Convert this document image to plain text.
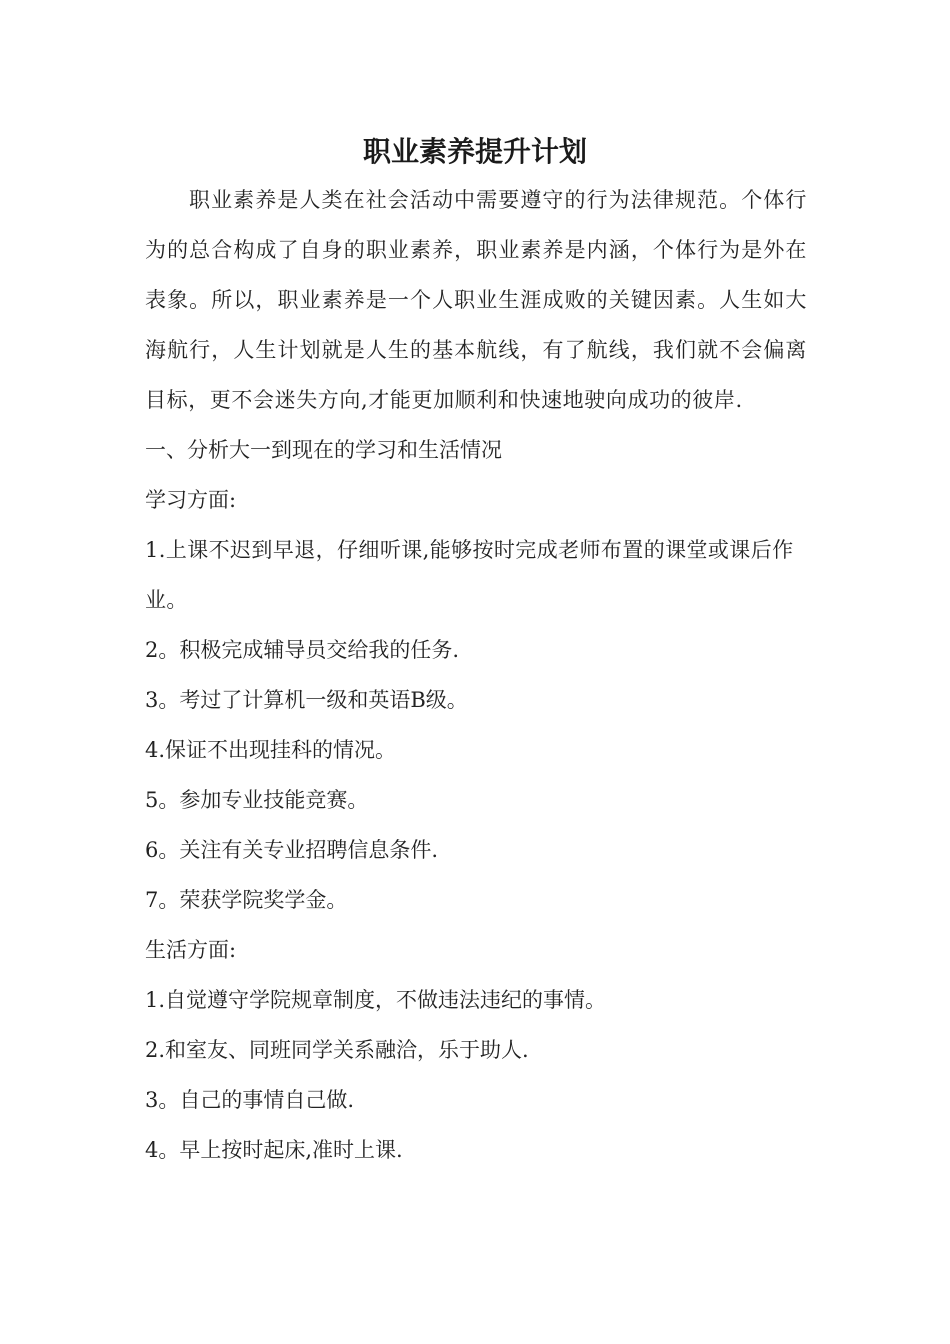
职业素养提升计划

职业素养是人类在社会活动中需要遵守的行为法律规范。个体行为的总合构成了自身的职业素养，职业素养是内涵，个体行为是外在表象。所以，职业素养是一个人职业生涯成败的关键因素。人生如大海航行，人生计划就是人生的基本航线，有了航线，我们就不会偏离目标，更不会迷失方向,才能更加顺利和快速地驶向成功的彼岸.

一、分析大一到现在的学习和生活情况

学习方面:

1.上课不迟到早退，仔细听课,能够按时完成老师布置的课堂或课后作业。

2。积极完成辅导员交给我的任务.

3。考过了计算机一级和英语B级。

4.保证不出现挂科的情况。

5。参加专业技能竞赛。

6。关注有关专业招聘信息条件.

7。荣获学院奖学金。

生活方面:

1.自觉遵守学院规章制度，不做违法违纪的事情。

2.和室友、同班同学关系融洽，乐于助人.

3。自己的事情自己做.

4。早上按时起床,准时上课.
